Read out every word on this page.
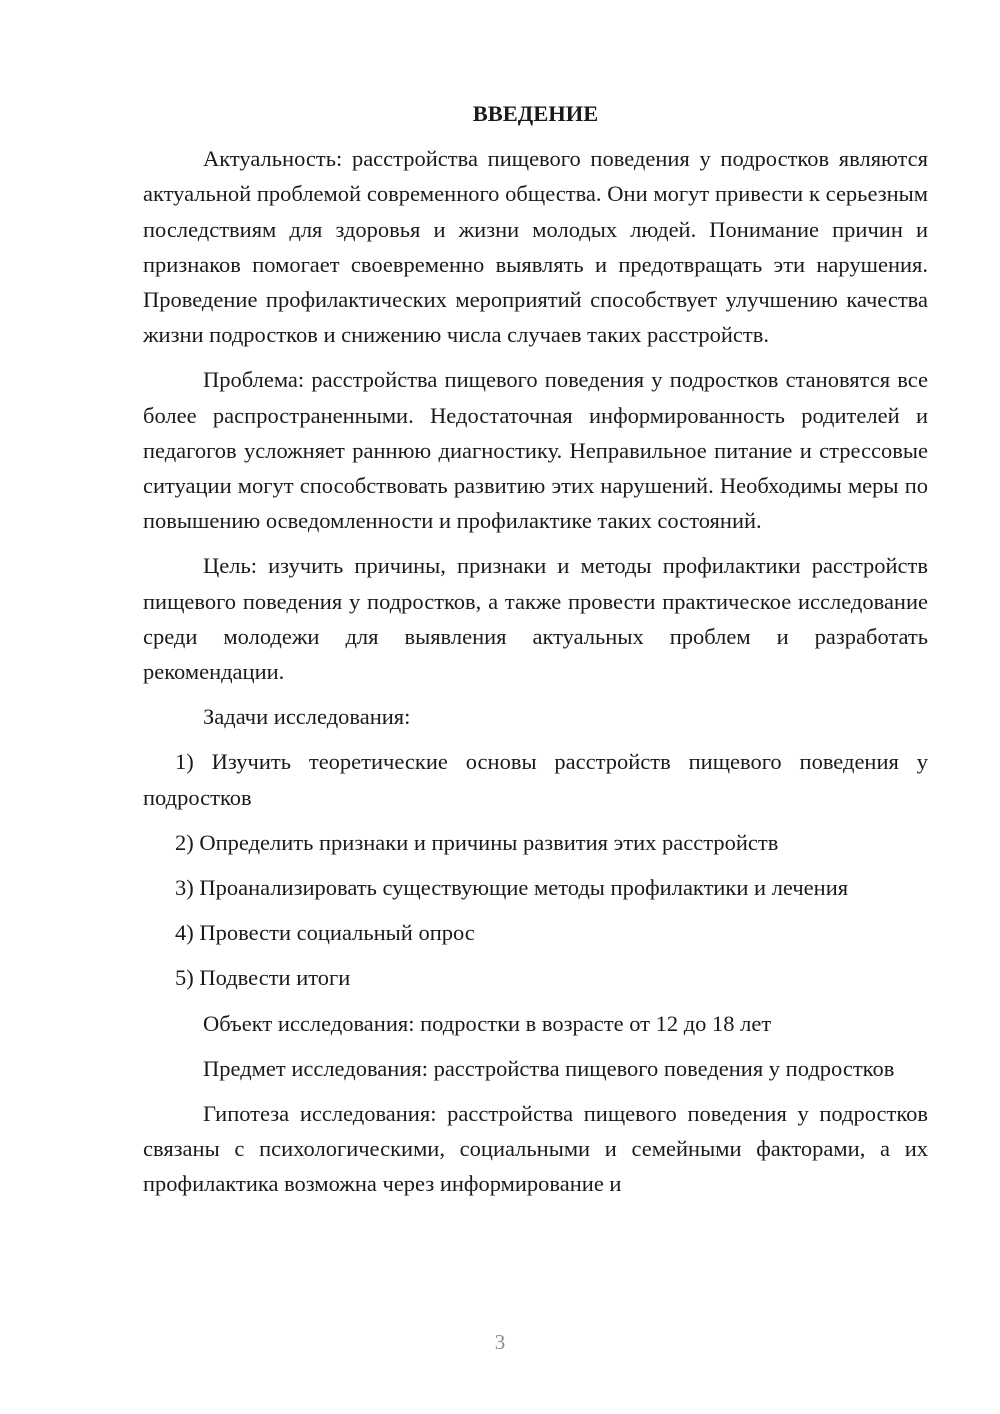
ВВЕДЕНИЕ

Актуальность: расстройства пищевого поведения у подростков являются актуальной проблемой современного общества. Они могут привести к серьезным последствиям для здоровья и жизни молодых людей. Понимание причин и признаков помогает своевременно выявлять и предотвращать эти нарушения. Проведение профилактических мероприятий способствует улучшению качества жизни подростков и снижению числа случаев таких расстройств.

Проблема: расстройства пищевого поведения у подростков становятся все более распространенными. Недостаточная информированность родителей и педагогов усложняет раннюю диагностику. Неправильное питание и стрессовые ситуации могут способствовать развитию этих нарушений. Необходимы меры по повышению осведомленности и профилактике таких состояний.

Цель: изучить причины, признаки и методы профилактики расстройств пищевого поведения у подростков, а также провести практическое исследование среди молодежи для выявления актуальных проблем и разработать рекомендации.

Задачи исследования:

1) Изучить теоретические основы расстройств пищевого поведения у подростков

2) Определить признаки и причины развития этих расстройств

3) Проанализировать существующие методы профилактики и лечения

4) Провести социальный опрос

5) Подвести итоги

Объект исследования: подростки в возрасте от 12 до 18 лет

Предмет исследования: расстройства пищевого поведения у подростков

Гипотеза исследования: расстройства пищевого поведения у подростков связаны с психологическими, социальными и семейными факторами, а их профилактика возможна через информирование и

3
